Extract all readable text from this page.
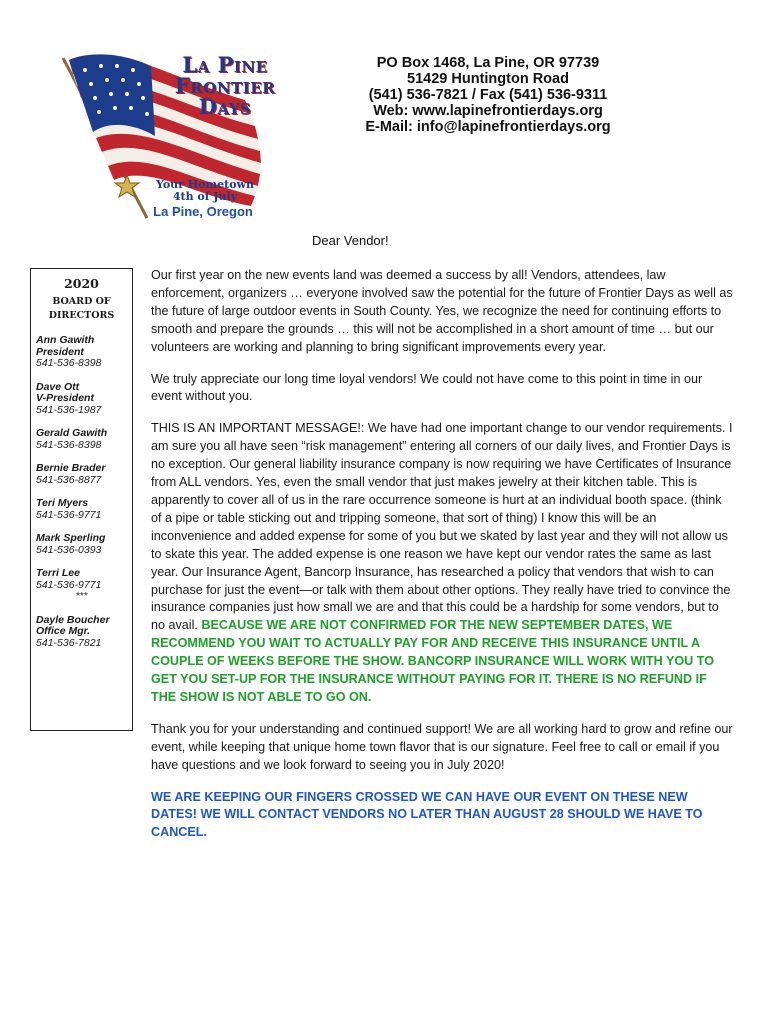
La Pine
Frontier
Days
Your Hometown
4th of July
La Pine, Oregon
PO Box 1468, La Pine, OR 97739
51429 Huntington Road
(541) 536-7821 / Fax (541) 536-9311
Web: www.lapinefrontierdays.org
E-Mail: info@lapinefrontierdays.org
Dear Vendor!
2020
BOARD OF
DIRECTORS
Ann Gawith
President
541-536-8398
Dave Ott
V-President
541-536-1987
Gerald Gawith
541-536-8398
Bernie Brader
541-536-8877
Teri Myers
541-536-9771
Mark Sperling
541-536-0393
Terri Lee
541-536-9771
***
Dayle Boucher
Office Mgr.
541-536-7821

Our first year on the new events land was deemed a success by all! Vendors, attendees, law enforcement, organizers … everyone involved saw the potential for the future of Frontier Days as well as the future of large outdoor events in South County. Yes, we recognize the need for continuing efforts to smooth and prepare the grounds … this will not be accomplished in a short amount of time … but our volunteers are working and planning to bring significant improvements every year.

We truly appreciate our long time loyal vendors! We could not have come to this point in time in our event without you.

THIS IS AN IMPORTANT MESSAGE!: We have had one important change to our vendor requirements. I am sure you all have seen “risk management” entering all corners of our daily lives, and Frontier Days is no exception. Our general liability insurance company is now requiring we have Certificates of Insurance from ALL vendors. Yes, even the small vendor that just makes jewelry at their kitchen table. This is apparently to cover all of us in the rare occurrence someone is hurt at an individual booth space. (think of a pipe or table sticking out and tripping someone, that sort of thing) I know this will be an inconvenience and added expense for some of you but we skated by last year and they will not allow us to skate this year. The added expense is one reason we have kept our vendor rates the same as last year. Our Insurance Agent, Bancorp Insurance, has researched a policy that vendors that wish to can purchase for just the event—or talk with them about other options. They really have tried to convince the insurance companies just how small we are and that this could be a hardship for some vendors, but to no avail. BECAUSE WE ARE NOT CONFIRMED FOR THE NEW SEPTEMBER DATES, WE RECOMMEND YOU WAIT TO ACTUALLY PAY FOR AND RECEIVE THIS INSURANCE UNTIL A COUPLE OF WEEKS BEFORE THE SHOW. BANCORP INSURANCE WILL WORK WITH YOU TO GET YOU SET-UP FOR THE INSURANCE WITHOUT PAYING FOR IT. THERE IS NO REFUND IF THE SHOW IS NOT ABLE TO GO ON.

Thank you for your understanding and continued support! We are all working hard to grow and refine our event, while keeping that unique home town flavor that is our signature. Feel free to call or email if you have questions and we look forward to seeing you in July 2020!

WE ARE KEEPING OUR FINGERS CROSSED WE CAN HAVE OUR EVENT ON THESE NEW DATES! WE WILL CONTACT VENDORS NO LATER THAN AUGUST 28 SHOULD WE HAVE TO CANCEL.
